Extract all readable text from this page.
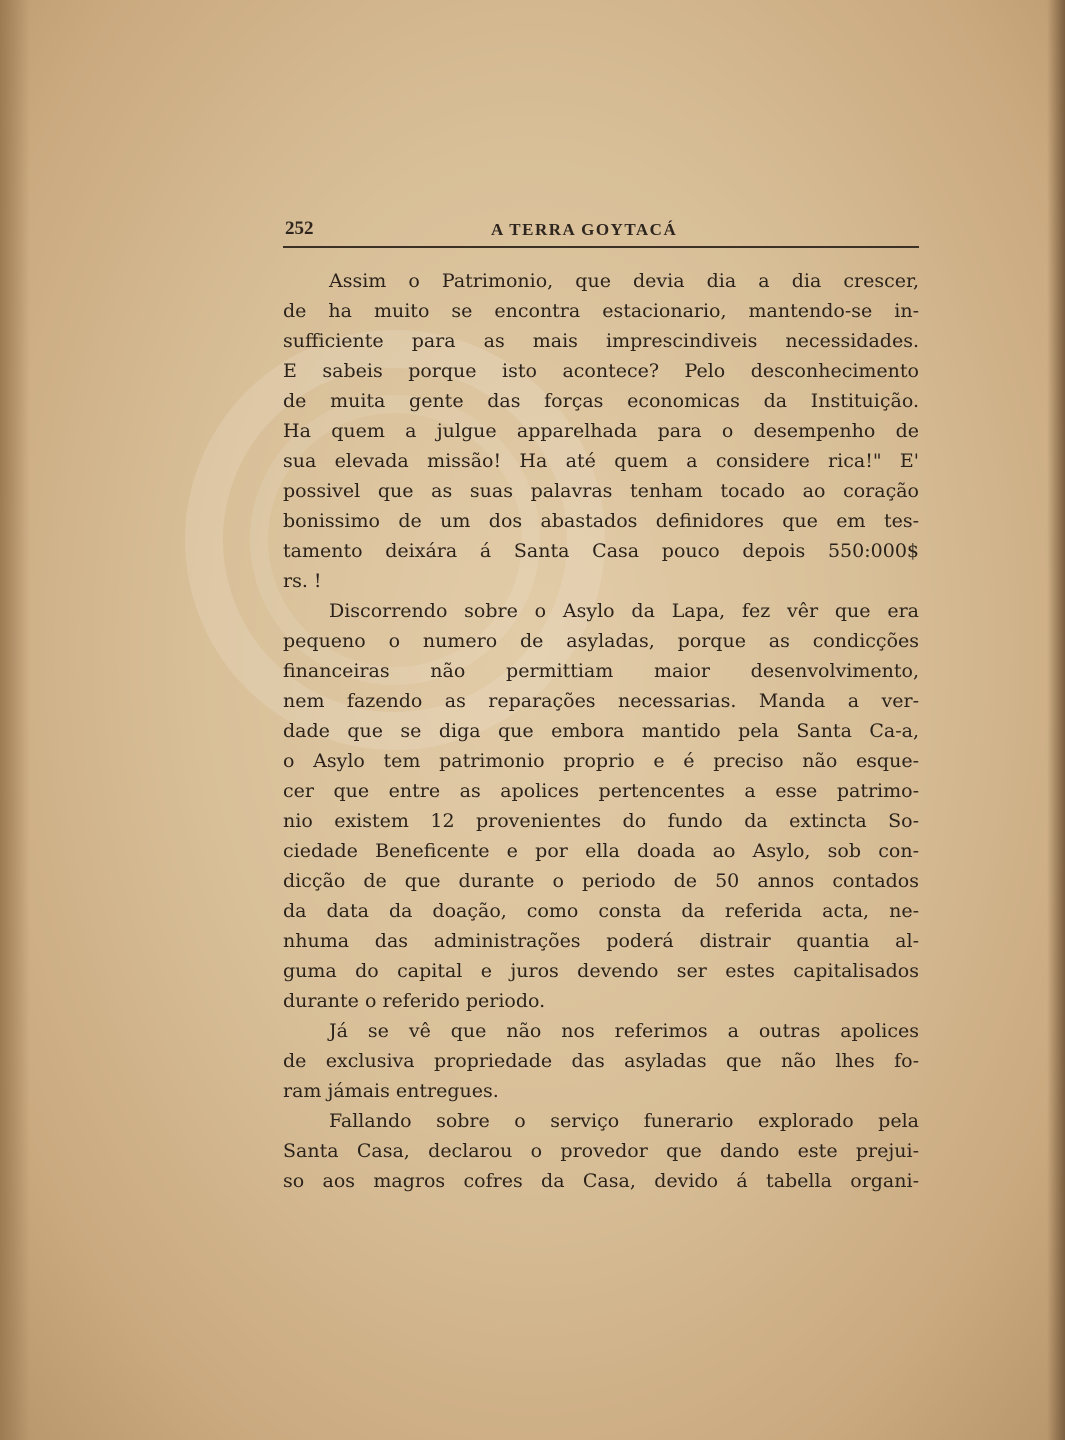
252	A TERRA GOYTACÁ
Assim o Patrimonio, que devia dia a dia crescer,
de ha muito se encontra estacionario, mantendo-se in-
sufficiente para as mais imprescindiveis necessidades.
E sabeis porque isto acontece? Pelo desconhecimento
de muita gente das forças economicas da Instituição.
Ha quem a julgue apparelhada para o desempenho de
sua elevada missão! Ha até quem a considere rica!" E'
possivel que as suas palavras tenham tocado ao coração
bonissimo de um dos abastados definidores que em tes-
tamento deixára á Santa Casa pouco depois 550:000$
rs. !
Discorrendo sobre o Asylo da Lapa, fez vêr que era
pequeno o numero de asyladas, porque as condicções
financeiras não permittiam maior desenvolvimento,
nem fazendo as reparações necessarias. Manda a ver-
dade que se diga que embora mantido pela Santa Ca-a,
o Asylo tem patrimonio proprio e é preciso não esque-
cer que entre as apolices pertencentes a esse patrimo-
nio existem 12 provenientes do fundo da extincta So-
ciedade Beneficente e por ella doada ao Asylo, sob con-
dicção de que durante o periodo de 50 annos contados
da data da doação, como consta da referida acta, ne-
nhuma das administrações poderá distrair quantia al-
guma do capital e juros devendo ser estes capitalisados
durante o referido periodo.
Já se vê que não nos referimos a outras apolices
de exclusiva propriedade das asyladas que não lhes fo-
ram jámais entregues.
Fallando sobre o serviço funerario explorado pela
Santa Casa, declarou o provedor que dando este prejui-
so aos magros cofres da Casa, devido á tabella organi-
